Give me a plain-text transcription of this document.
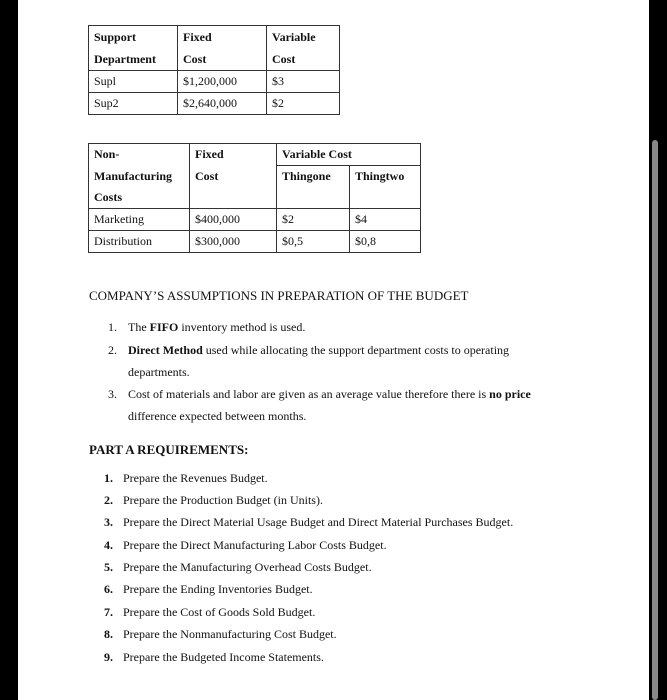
Support	Fixed	Variable
Department	Cost	Cost
Supl	$1,200,000	$3
Sup2	$2,640,000	$2
Non-	Fixed	Variable Cost	
Manufacturing	Cost	Thingone	Thingtwo
Costs			
Marketing	$400,000	$2	$4
Distribution	$300,000	$0,5	$0,8
COMPANY’S ASSUMPTIONS IN PREPARATION OF THE BUDGET
1. The FIFO inventory method is used.
2. Direct Method used while allocating the support department costs to operating
departments.
3. Cost of materials and labor are given as an average value therefore there is no price
difference expected between months.
PART A REQUIREMENTS:
1. Prepare the Revenues Budget.
2. Prepare the Production Budget (in Units).
3. Prepare the Direct Material Usage Budget and Direct Material Purchases Budget.
4. Prepare the Direct Manufacturing Labor Costs Budget.
5. Prepare the Manufacturing Overhead Costs Budget.
6. Prepare the Ending Inventories Budget.
7. Prepare the Cost of Goods Sold Budget.
8. Prepare the Nonmanufacturing Cost Budget.
9. Prepare the Budgeted Income Statements.
